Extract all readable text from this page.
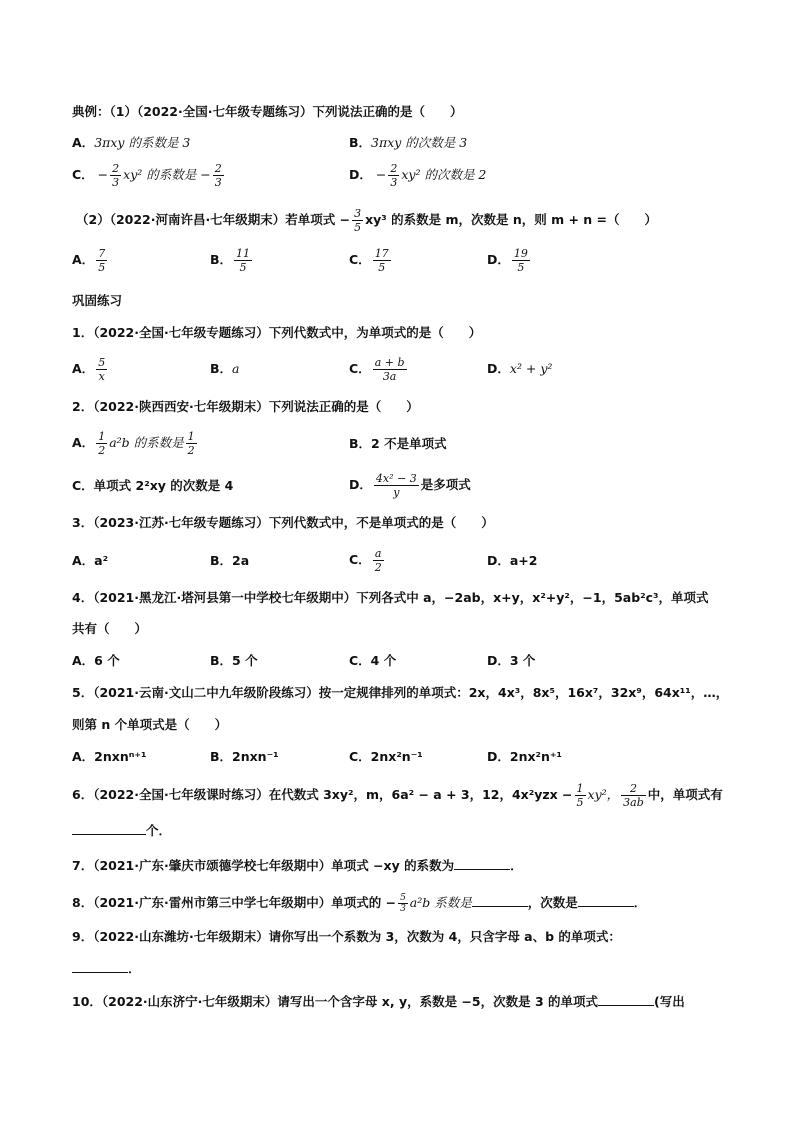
典例：（1）（2022·全国·七年级专题练习）下列说法正确的是（　　）
A．3πxy 的系数是 3	B．3πxy 的次数是 3
C． − $\frac{2}{3} xy^2$ 的系数是 − $\frac{2}{3}$	D． − $\frac{2}{3} xy^2$ 的次数是 2
（2）（2022·河南许昌·七年级期末）若单项式 − $\frac{3}{5} xy^3$ 的系数是 m，次数是 n，则 m + n =（　　）
A． $\frac{7}{5}$	B． $\frac{11}{5}$	C． $\frac{17}{5}$	D． $\frac{19}{5}$
巩固练习
1．（2022·全国·七年级专题练习）下列代数式中，为单项式的是（　　）
A． $\frac{5}{x}$	B．a	C． $\frac{a + b}{3a}$	D．x² + y²
2．（2022·陕西西安·七年级期末）下列说法正确的是（　　）
A． $\frac{1}{2} a^2b$ 的系数是 $\frac{1}{2}$	B．2 不是单项式
C．单项式 2²xy 的次数是 4	D． $\frac{\text{4x² − 3}}{y}$ 是多项式
3．（2023·江苏·七年级专题练习）下列代数式中，不是单项式的是（　　）
A．a²	B．2a	C． $\frac{a}{2}$	D．a+2
4．（2021·黑龙江·塔河县第一中学校七年级期中）下列各式中 a，−2ab，x+y，x²+y²，−1，5ab²c³，单项式
共有（　　）
A．6 个	B．5 个	C．4 个	D．3 个
5．（2021·云南·文山二中九年级阶段练习）按一定规律排列的单项式：2x，4x³，8x⁵，16x⁷，32x⁹，64x¹¹，…，
则第 n 个单项式是（　　）
A．2nxnⁿ⁺¹	B．2nxn⁻¹	C．2nx²n⁻¹	D．2nx²n⁺¹
6．（2022·全国·七年级课时练习）在代数式 3xy²，m，6a² − a + 3，12，$4x^2yzx - \frac{1}{5} xy^2$， $\frac{2}{3ab}$ 中，单项式有
个．
7．（2021·广东·肇庆市颂德学校七年级期中）单项式 −xy 的系数为	．
8．（2021·广东·雷州市第三中学七年级期中）单项式的 − $\frac{5}{3} a^2b$ 系数是	，次数是	．
9．（2022·山东潍坊·七年级期末）请你写出一个系数为 3，次数为 4，只含字母 a、b 的单项式：
．
10．（2022·山东济宁·七年级期末）请写出一个含字母 x, y，系数是 −5，次数是 3 的单项式	(写出
